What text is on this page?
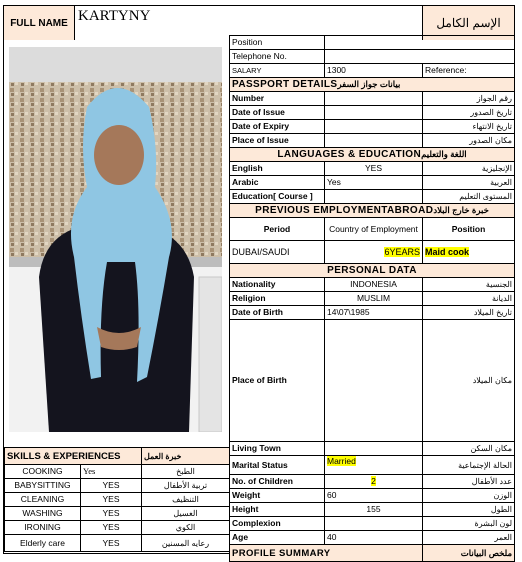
FULL NAME KARTYNY	الإسم الكامل
Position		
Telephone No.		
SALARY	1300	Reference:
PASSPORT DETAILSبيانات جواز السفر		
Number		رقم الجواز
Date of Issue		تاريخ الصدور
Date of Expiry		تاريخ الانتهاء
Place of Issue		مكان الصدور
LANGUAGES & EDUCATIONاللغة والتعليم		
English	YES	الإنجليزية
Arabic	Yes	العربية
Education[ Course ]		المستوى التعليم
PREVIOUS EMPLOYMENTABROADخبرة خارج البلاد		
Period	Country of Employment	Position
DUBAI/SAUDI	6YEARS	Maid cook
PERSONAL DATA		
Nationality	INDONESIA	الجنسية
Religion	MUSLIM	الديانة
Date of Birth	14\07\1985	تاريخ الميلاد
Place of Birth		مكان الميلاد
Living Town		مكان السكن
Marital Status	Married	الحالة الإجتماعية
No. of Children	2	عدد الأطفال
Weight	60	الوزن
Height	155	الطول
Complexion		لون البشرة
Age	40	العمر
PROFILE SUMMARY		ملخص البيانات
SKILLS & EXPERIENCES		خبرة العمل
COOKING	Yes	الطبخ
BABYSITTING	YES	تربية الأطفال
CLEANING	YES	التنظيف
WASHING	YES	الغسيل
IRONING	YES	الكوي
Elderly care	YES	رعايه المسنين
